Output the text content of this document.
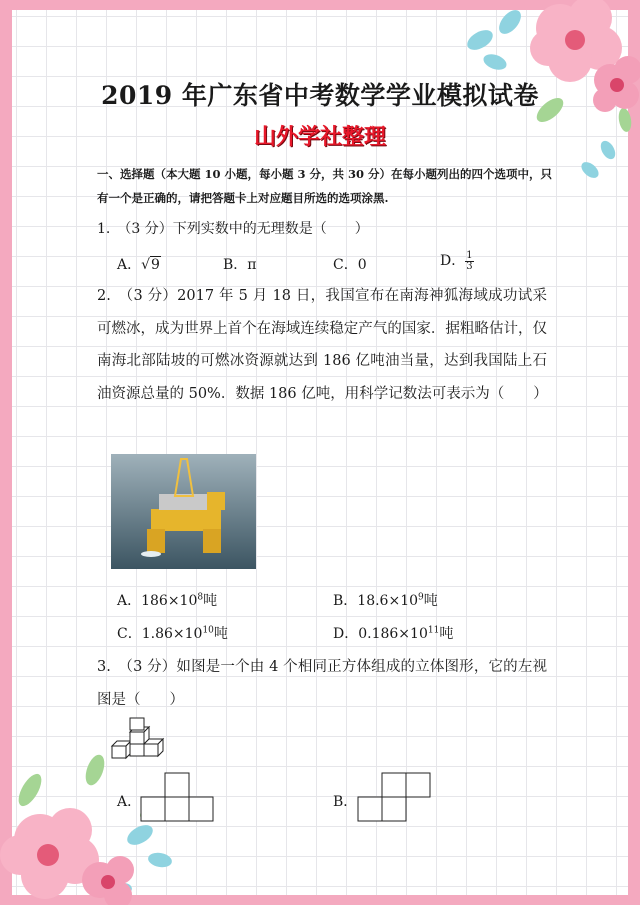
2019 年广东省中考数学学业模拟试卷
山外学社整理
一、选择题（本大题 10 小题，每小题 3 分，共 30 分）在每小题列出的四个选项中，只有一个是正确的，请把答题卡上对应题目所选的选项涂黑.
1.　（3 分）下列实数中的无理数是（　　）
A．√9	B．π	C．0	D． $\frac{1}{3}$
2.　（3 分）2017 年 5 月 18 日，我国宣布在南海神狐海域成功试采可燃冰，成为世界上首个在海域连续稳定产气的国家．据粗略估计，仅南海北部陆坡的可燃冰资源就达到 186 亿吨油当量，达到我国陆上石油资源总量的 50%．数据 186 亿吨，用科学记数法可表示为（　　）
A．$186\times 10^8$吨	B．$18.6\times 10^9$吨
C．$1.86\times 10^{10}$吨	D．$0.186\times 10^{11}$吨
3.　（3 分）如图是一个由 4 个相同正方体组成的立体图形，它的左视图是（　　）
A．	B．
